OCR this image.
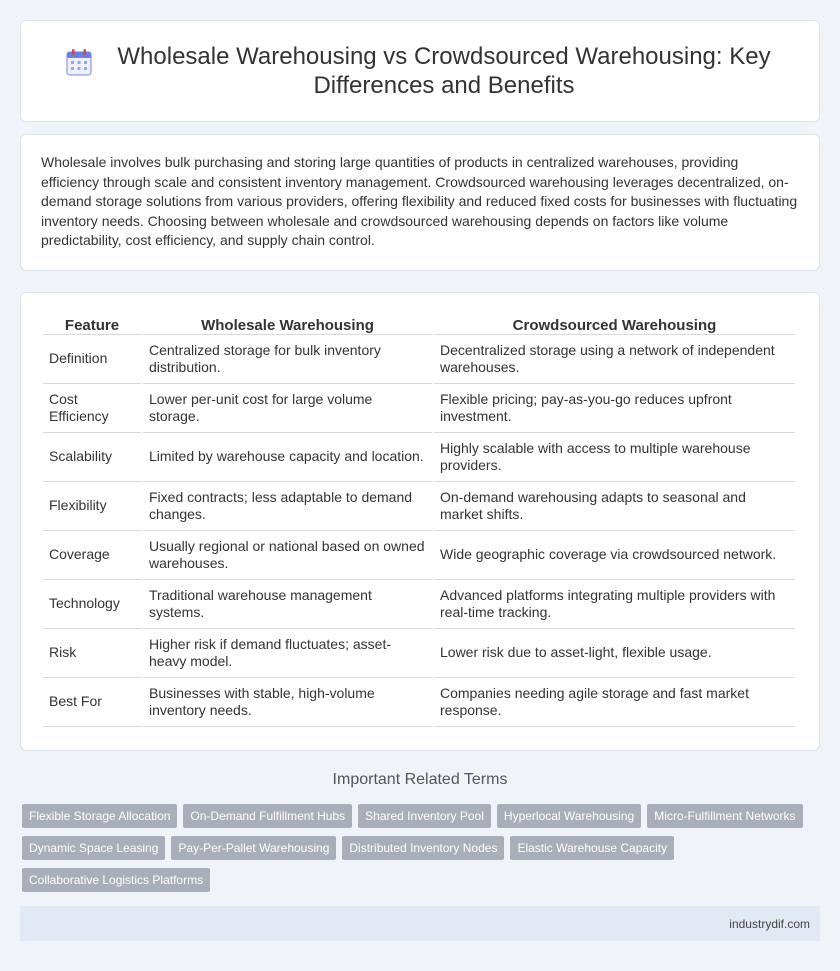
Wholesale Warehousing vs Crowdsourced Warehousing: Key Differences and Benefits

Wholesale involves bulk purchasing and storing large quantities of products in centralized warehouses, providing efficiency through scale and consistent inventory management. Crowdsourced warehousing leverages decentralized, on-demand storage solutions from various providers, offering flexibility and reduced fixed costs for businesses with fluctuating inventory needs. Choosing between wholesale and crowdsourced warehousing depends on factors like volume predictability, cost efficiency, and supply chain control.

Feature	Wholesale Warehousing	Crowdsourced Warehousing
Definition	Centralized storage for bulk inventory distribution.	Decentralized storage using a network of independent warehouses.
Cost Efficiency	Lower per-unit cost for large volume storage.	Flexible pricing; pay-as-you-go reduces upfront investment.
Scalability	Limited by warehouse capacity and location.	Highly scalable with access to multiple warehouse providers.
Flexibility	Fixed contracts; less adaptable to demand changes.	On-demand warehousing adapts to seasonal and market shifts.
Coverage	Usually regional or national based on owned warehouses.	Wide geographic coverage via crowdsourced network.
Technology	Traditional warehouse management systems.	Advanced platforms integrating multiple providers with real-time tracking.
Risk	Higher risk if demand fluctuates; asset-heavy model.	Lower risk due to asset-light, flexible usage.
Best For	Businesses with stable, high-volume inventory needs.	Companies needing agile storage and fast market response.
Important Related Terms
Flexible Storage Allocation	On-Demand Fulfillment Hubs	Shared Inventory Pool	Hyperlocal Warehousing	Micro-Fulfillment Networks
Dynamic Space Leasing	Pay-Per-Pallet Warehousing	Distributed Inventory Nodes	Elastic Warehouse Capacity
Collaborative Logistics Platforms
industrydif.com
